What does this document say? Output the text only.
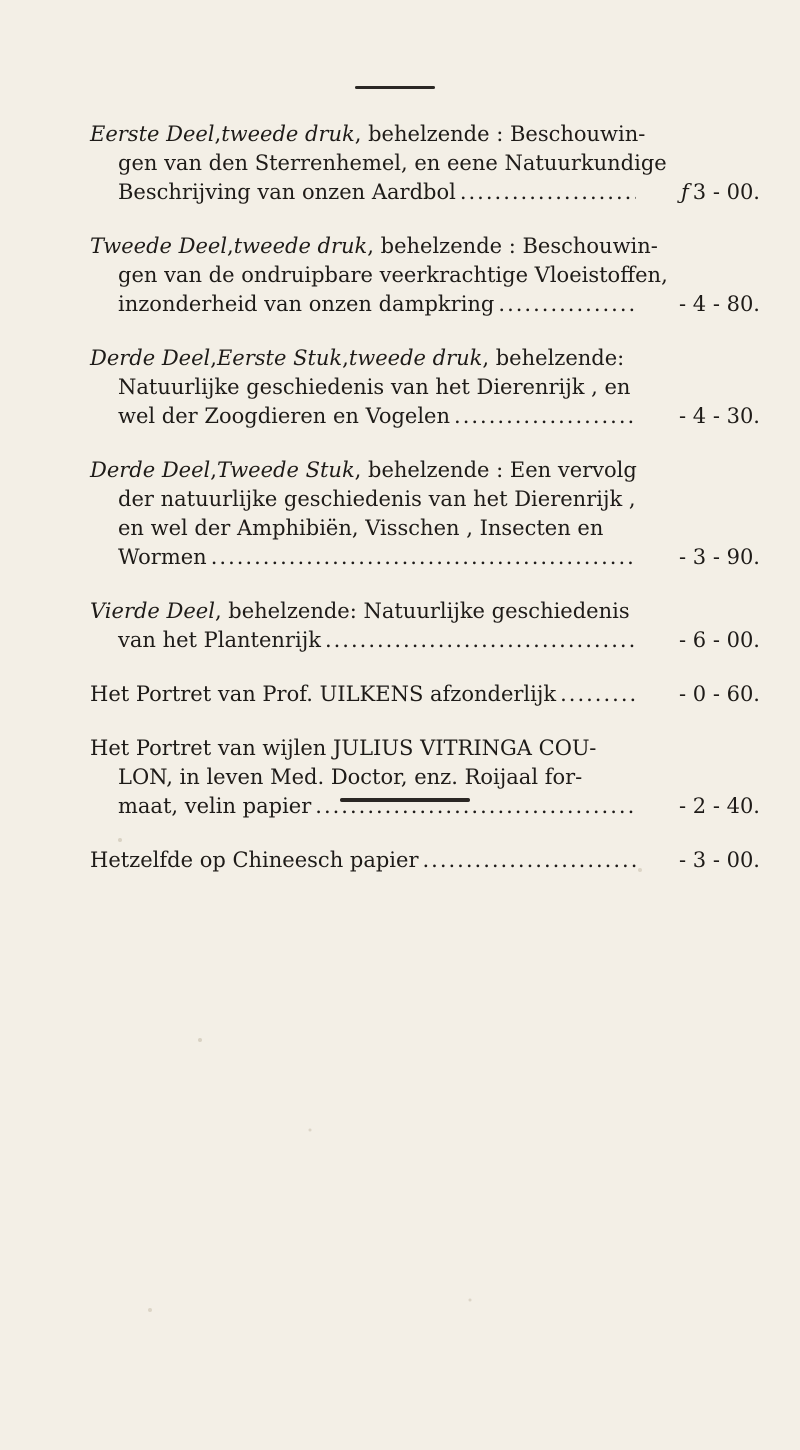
Eerste Deel , tweede druk , behelzende : Beschouwin-
gen van den Sterrenhemel, en eene Natuurkundige
Beschrijving van onzen Aardbol .....	ƒ 3 - 00.
Tweede Deel , tweede druk , behelzende : Beschouwin-
gen van de ondruipbare veerkrachtige Vloeistoffen,
inzonderheid van onzen dampkring .....	- 4 - 80.
Derde Deel , Eerste Stuk , tweede druk , behelzende:
Natuurlijke geschiedenis van het Dierenrijk , en
wel der Zoogdieren en Vogelen .....	- 4 - 30.
Derde Deel , Tweede Stuk , behelzende : Een vervolg
der natuurlijke geschiedenis van het Dierenrijk ,
en wel der Amphibiën, Visschen , Insecten en
Wormen .....	- 3 - 90.
Vierde Deel , behelzende: Natuurlijke geschiedenis
van het Plantenrijk .....	- 6 - 00.
Het Portret van Prof. UILKENS afzonderlijk .....	- 0 - 60.
Het Portret van wijlen JULIUS VITRINGA COU-
LON, in leven Med. Doctor, enz. Roijaal for-
maat, velin papier .....	- 2 - 40.
Hetzelfde op Chineesch papier .....	- 3 - 00.
